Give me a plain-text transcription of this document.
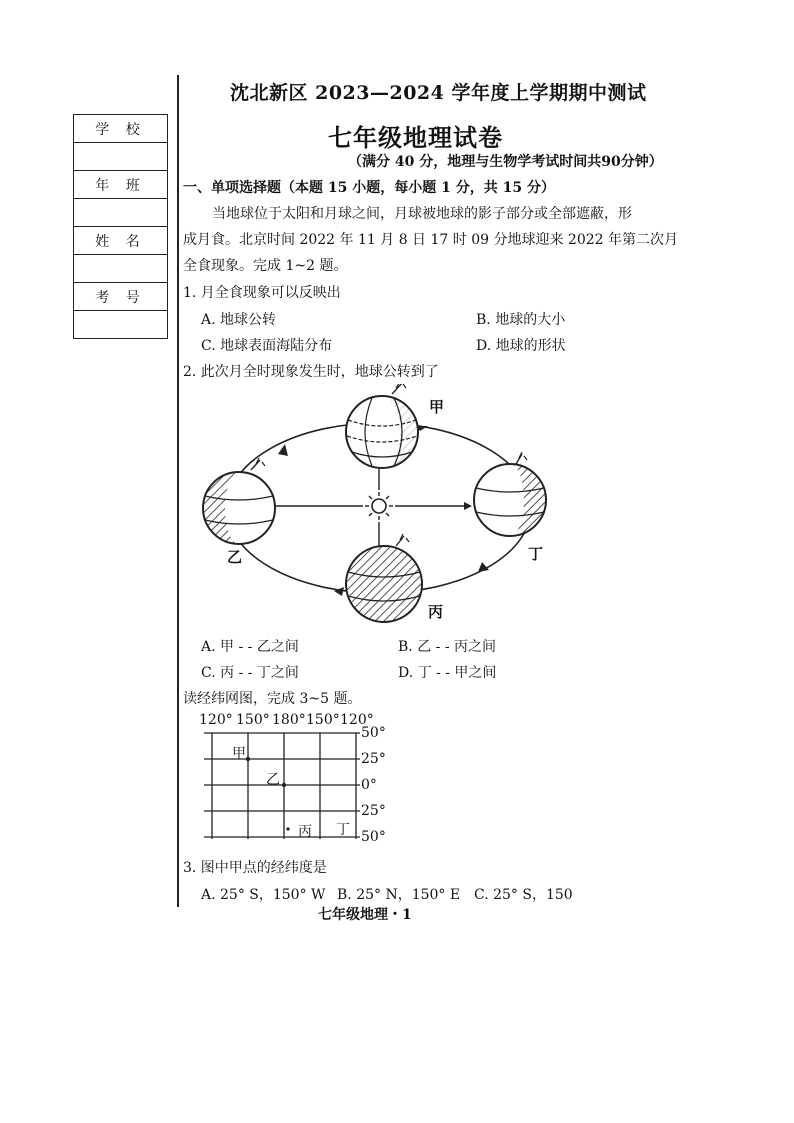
学 校

年 班

姓 名

考 号

沈北新区 2023—2024 学年度上学期期中测试
七年级地理试卷
（满分 40 分，地理与生物学考试时间共90分钟）
一、单项选择题（本题 15 小题，每小题 1 分，共 15 分）
当地球位于太阳和月球之间，月球被地球的影子部分或全部遮蔽，形
成月食。北京时间 2022 年 11 月 8 日 17 时 09 分地球迎来 2022 年第二次月
全食现象。完成 1~2 题。
1. 月全食现象可以反映出
A. 地球公转	B. 地球的大小
C. 地球表面海陆分布	D. 地球的形状
2. 此次月全时现象发生时，地球公转到了
甲
乙	丁
丙
A. 甲 - - 乙之间	B. 乙 - - 丙之间
C. 丙 - - 丁之间	D. 丁 - - 甲之间
读经纬网图，完成 3~5 题。
120° 150° 180° 150° 120°
50°
25°
0°
25°
50°
甲
乙
丙 丁
3. 图中甲点的经纬度是
A. 25° S，150° W B. 25° N，150° E C. 25° S，150
七年级地理・1
